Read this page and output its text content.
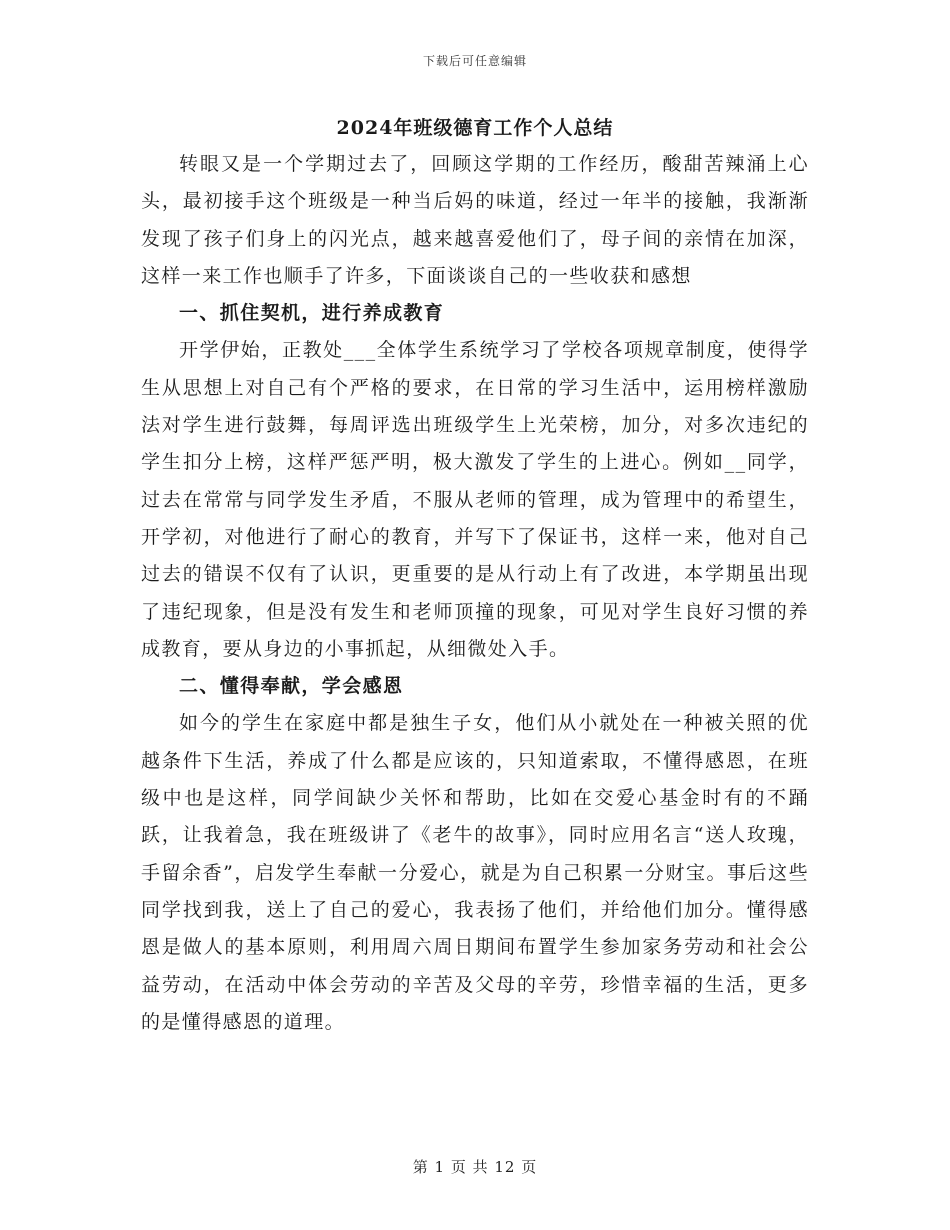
下载后可任意编辑
2024年班级德育工作个人总结

转眼又是一个学期过去了，回顾这学期的工作经历，酸甜苦辣涌上心头，最初接手这个班级是一种当后妈的味道，经过一年半的接触，我渐渐发现了孩子们身上的闪光点，越来越喜爱他们了，母子间的亲情在加深，这样一来工作也顺手了许多，下面谈谈自己的一些收获和感想

一、抓住契机，进行养成教育

开学伊始，正教处___全体学生系统学习了学校各项规章制度，使得学生从思想上对自己有个严格的要求，在日常的学习生活中，运用榜样激励法对学生进行鼓舞，每周评选出班级学生上光荣榜，加分，对多次违纪的学生扣分上榜，这样严惩严明，极大激发了学生的上进心。例如__同学，过去在常常与同学发生矛盾，不服从老师的管理，成为管理中的希望生，开学初，对他进行了耐心的教育，并写下了保证书，这样一来，他对自己过去的错误不仅有了认识，更重要的是从行动上有了改进，本学期虽出现了违纪现象，但是没有发生和老师顶撞的现象，可见对学生良好习惯的养成教育，要从身边的小事抓起，从细微处入手。

二、懂得奉献，学会感恩

如今的学生在家庭中都是独生子女，他们从小就处在一种被关照的优越条件下生活，养成了什么都是应该的，只知道索取，不懂得感恩，在班级中也是这样，同学间缺少关怀和帮助，比如在交爱心基金时有的不踊跃，让我着急，我在班级讲了《老牛的故事》，同时应用名言“送人玫瑰，手留余香”，启发学生奉献一分爱心，就是为自己积累一分财宝。事后这些同学找到我，送上了自己的爱心，我表扬了他们，并给他们加分。懂得感恩是做人的基本原则，利用周六周日期间布置学生参加家务劳动和社会公益劳动，在活动中体会劳动的辛苦及父母的辛劳，珍惜幸福的生活，更多的是懂得感恩的道理。

第 1 页 共 12 页
